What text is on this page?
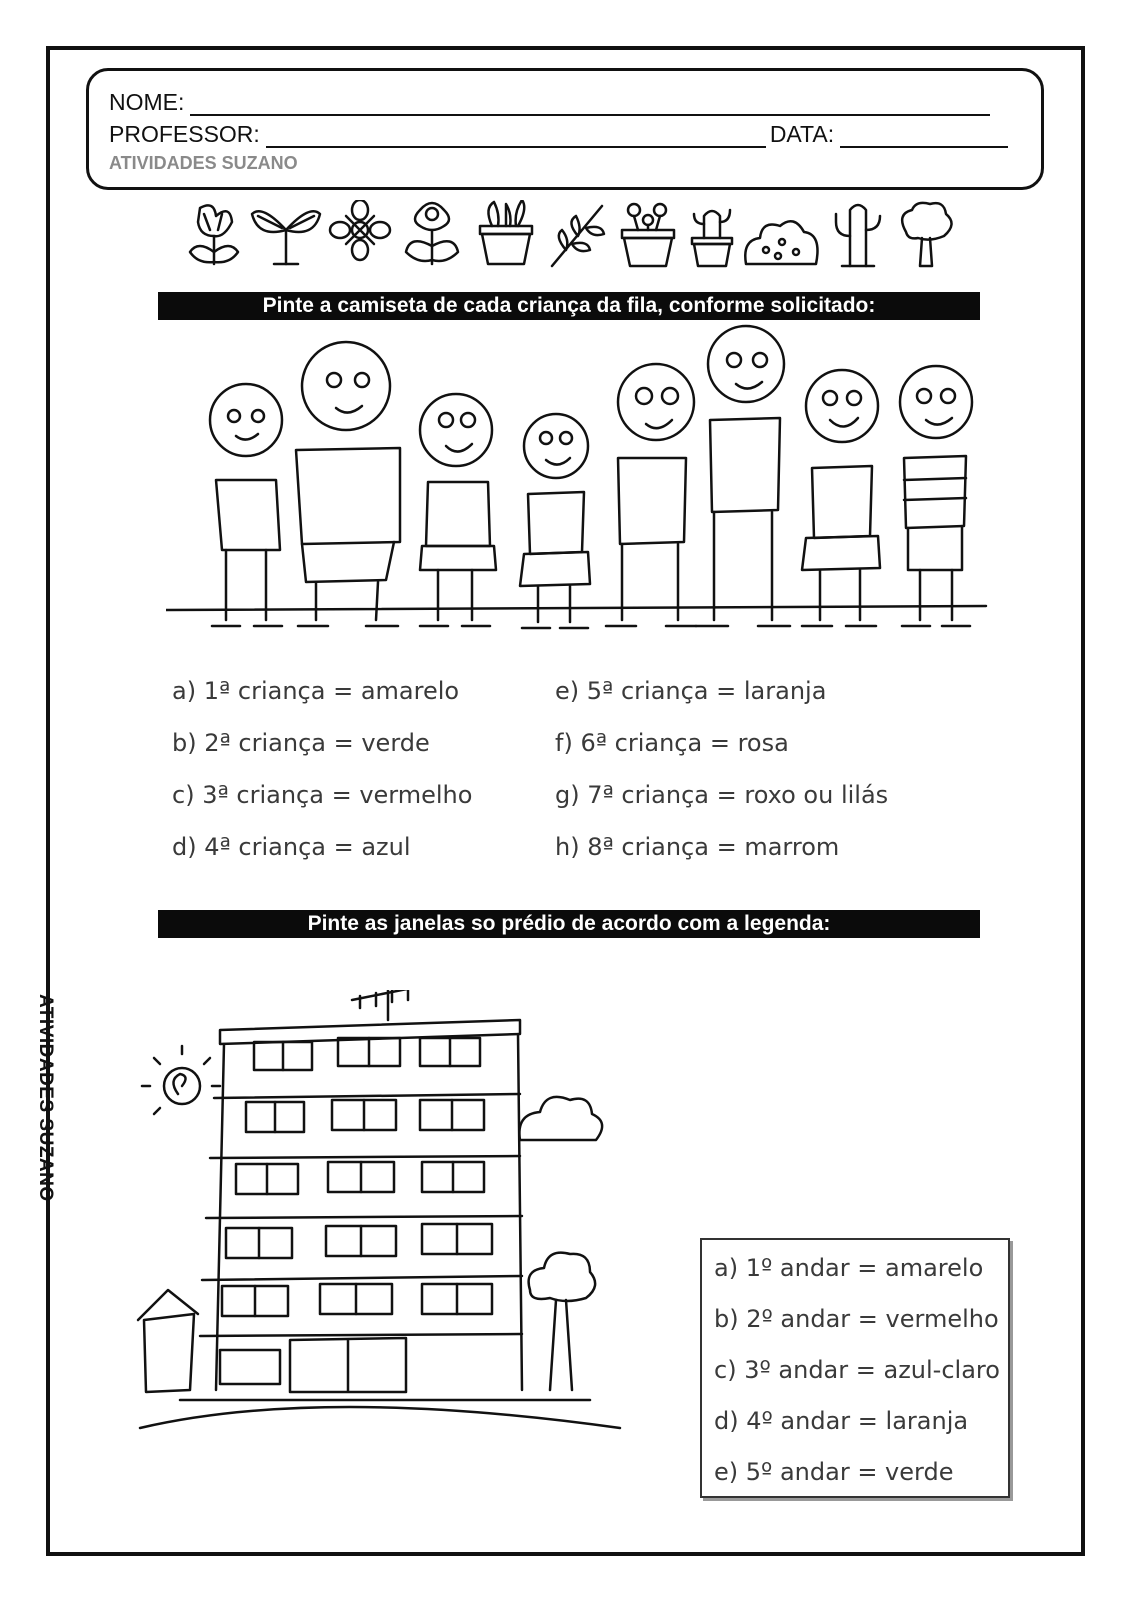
ATIVIDADES SUZANO
NOME:
PROFESSOR:	DATA:
ATIVIDADES SUZANO
Pinte a camiseta de cada criança da fila, conforme solicitado:
a) 1ª criança = amarelo
b) 2ª criança = verde
c) 3ª criança = vermelho
d) 4ª criança = azul
e) 5ª criança = laranja
f) 6ª criança = rosa
g) 7ª criança = roxo ou lilás
h) 8ª criança = marrom
Pinte as janelas so prédio de acordo com a legenda:
a) 1º andar = amarelo
b) 2º andar = vermelho
c) 3º andar = azul-claro
d) 4º andar = laranja
e) 5º andar = verde
